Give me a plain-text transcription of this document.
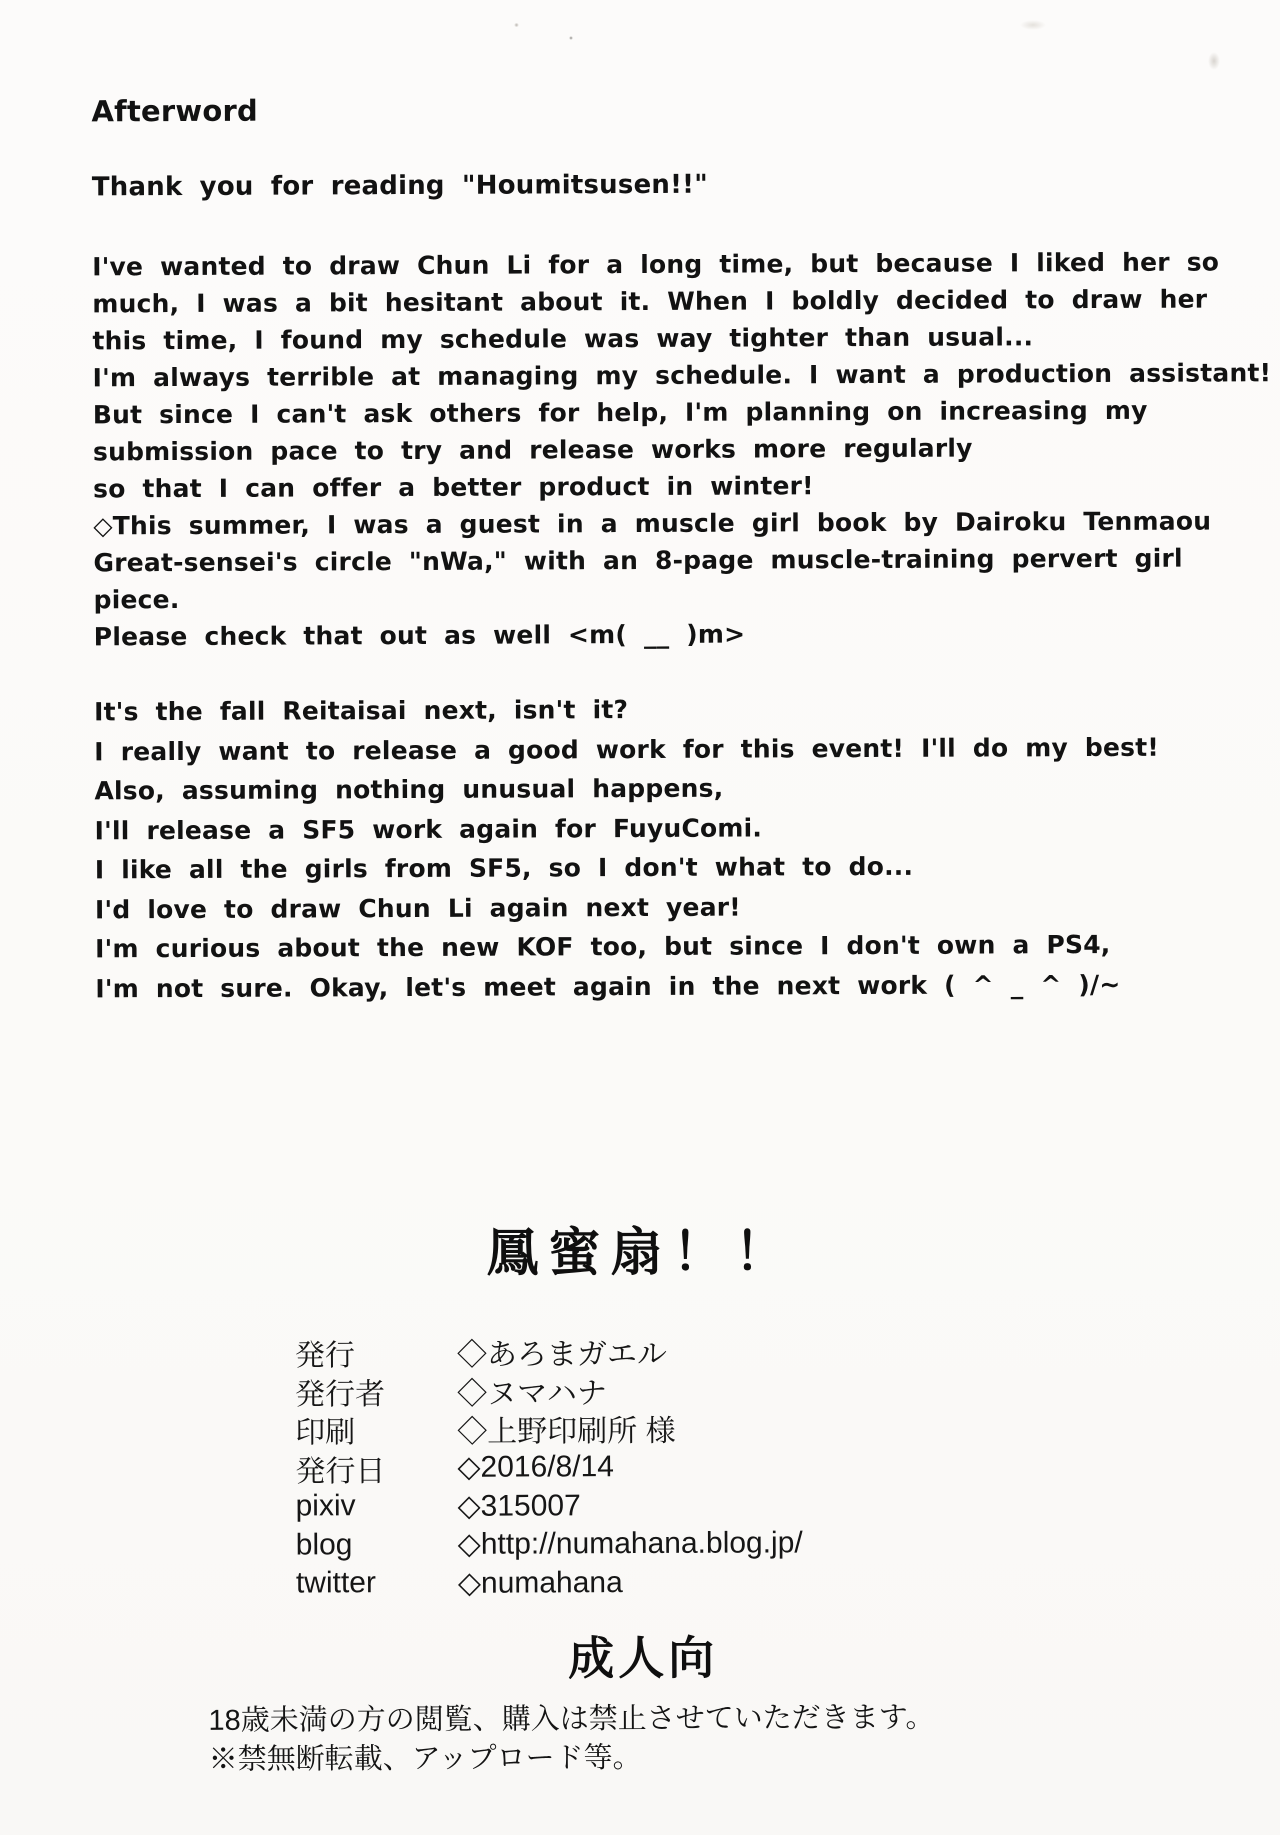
Afterword
Thank you for reading "Houmitsusen!!"
I've wanted to draw Chun Li for a long time, but because I liked her so
much, I was a bit hesitant about it. When I boldly decided to draw her
this time, I found my schedule was way tighter than usual...
I'm always terrible at managing my schedule. I want a production assistant!
But since I can't ask others for help, I'm planning on increasing my
submission pace to try and release works more regularly
so that I can offer a better product in winter!
◇This summer, I was a guest in a muscle girl book by Dairoku Tenmaou
Great-sensei's circle "nWa," with an 8-page muscle-training pervert girl
piece.
Please check that out as well <m( __ )m>
It's the fall Reitaisai next, isn't it?
I really want to release a good work for this event! I'll do my best!
Also, assuming nothing unusual happens,
I'll release a SF5 work again for FuyuComi.
I like all the girls from SF5, so I don't what to do...
I'd love to draw Chun Li again next year!
I'm curious about the new KOF too, but since I don't own a PS4,
I'm not sure. Okay, let's meet again in the next work ( ^ _ ^ )/~
鳳蜜扇！！
発行	◇あろまガエル
発行者	◇ヌマハナ
印刷	◇上野印刷所 様
発行日	◇2016/8/14
pixiv	◇315007
blog	◇http://numahana.blog.jp/
twitter	◇numahana
成人向
18歳未満の方の閲覧、購入は禁止させていただきます。
※禁無断転載、アップロード等。
